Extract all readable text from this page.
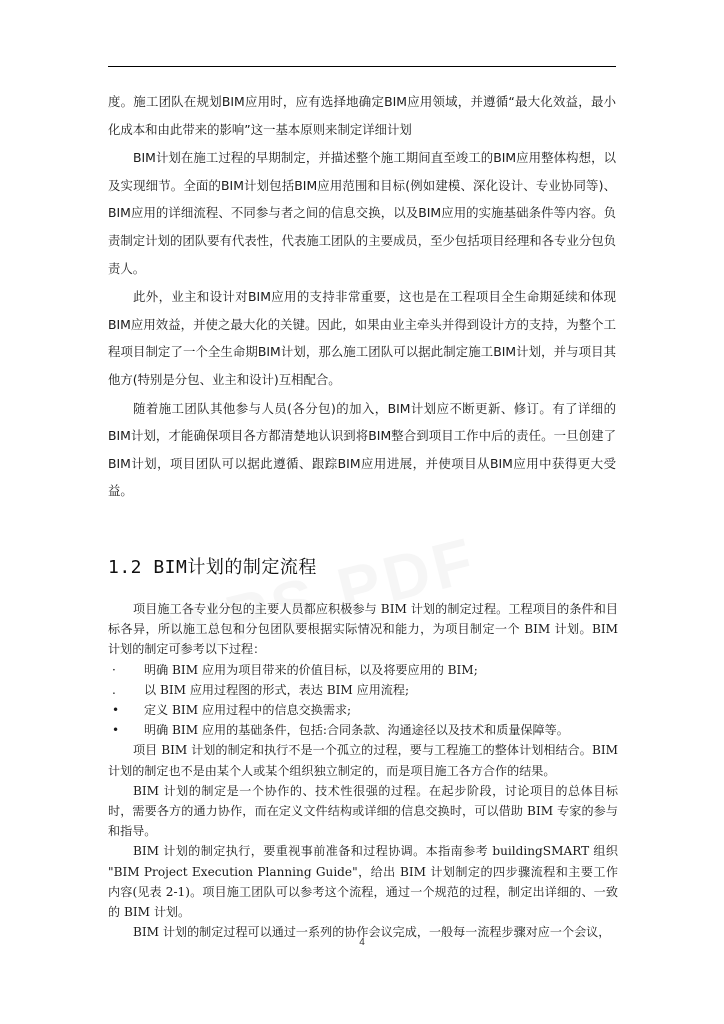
度。施工团队在规划BIM应用时，应有选择地确定BIM应用领域，并遵循“最大化效益，最小化成本和由此带来的影响”这一基本原则来制定详细计划

BIM计划在施工过程的早期制定，并描述整个施工期间直至竣工的BIM应用整体构想，以及实现细节。全面的BIM计划包括BIM应用范围和目标(例如建模、深化设计、专业协同等)、BIM应用的详细流程、不同参与者之间的信息交换，以及BIM应用的实施基础条件等内容。负责制定计划的团队要有代表性，代表施工团队的主要成员，至少包括项目经理和各专业分包负责人。

此外，业主和设计对BIM应用的支持非常重要，这也是在工程项目全生命期延续和体现BIM应用效益，并使之最大化的关键。因此，如果由业主牵头并得到设计方的支持，为整个工程项目制定了一个全生命期BIM计划，那么施工团队可以据此制定施工BIM计划，并与项目其他方(特别是分包、业主和设计)互相配合。

随着施工团队其他参与人员(各分包)的加入，BIM计划应不断更新、修订。有了详细的BIM计划，才能确保项目各方都清楚地认识到将BIM整合到项目工作中后的责任。一旦创建了BIM计划，项目团队可以据此遵循、跟踪BIM应用进展，并使项目从BIM应用中获得更大受益。

1.2 BIM计划的制定流程

项目施工各专业分包的主要人员都应积极参与 BIM 计划的制定过程。工程项目的条件和目标各异，所以施工总包和分包团队要根据实际情况和能力，为项目制定一个 BIM 计划。BIM 计划的制定可参考以下过程：

· 明确 BIM 应用为项目带来的价值目标，以及将要应用的 BIM;

. 以 BIM 应用过程图的形式，表达 BIM 应用流程;

• 定义 BIM 应用过程中的信息交换需求;

• 明确 BIM 应用的基础条件，包括:合同条款、沟通途径以及技术和质量保障等。

项目 BIM 计划的制定和执行不是一个孤立的过程，要与工程施工的整体计划相结合。BIM 计划的制定也不是由某个人或某个组织独立制定的，而是项目施工各方合作的结果。

BIM 计划的制定是一个协作的、技术性很强的过程。在起步阶段，讨论项目的总体目标时，需要各方的通力协作，而在定义文件结构或详细的信息交换时，可以借助 BIM 专家的参与和指导。

BIM 计划的制定执行，要重视事前准备和过程协调。本指南参考 buildingSMART 组织 "BIM Project Execution Planning Guide"，给出 BIM 计划制定的四步骤流程和主要工作内容(见表 2-1)。项目施工团队可以参考这个流程，通过一个规范的过程，制定出详细的、一致的 BIM 计划。

BIM 计划的制定过程可以通过一系列的协作会议完成，一般每一流程步骤对应一个会议，

4
